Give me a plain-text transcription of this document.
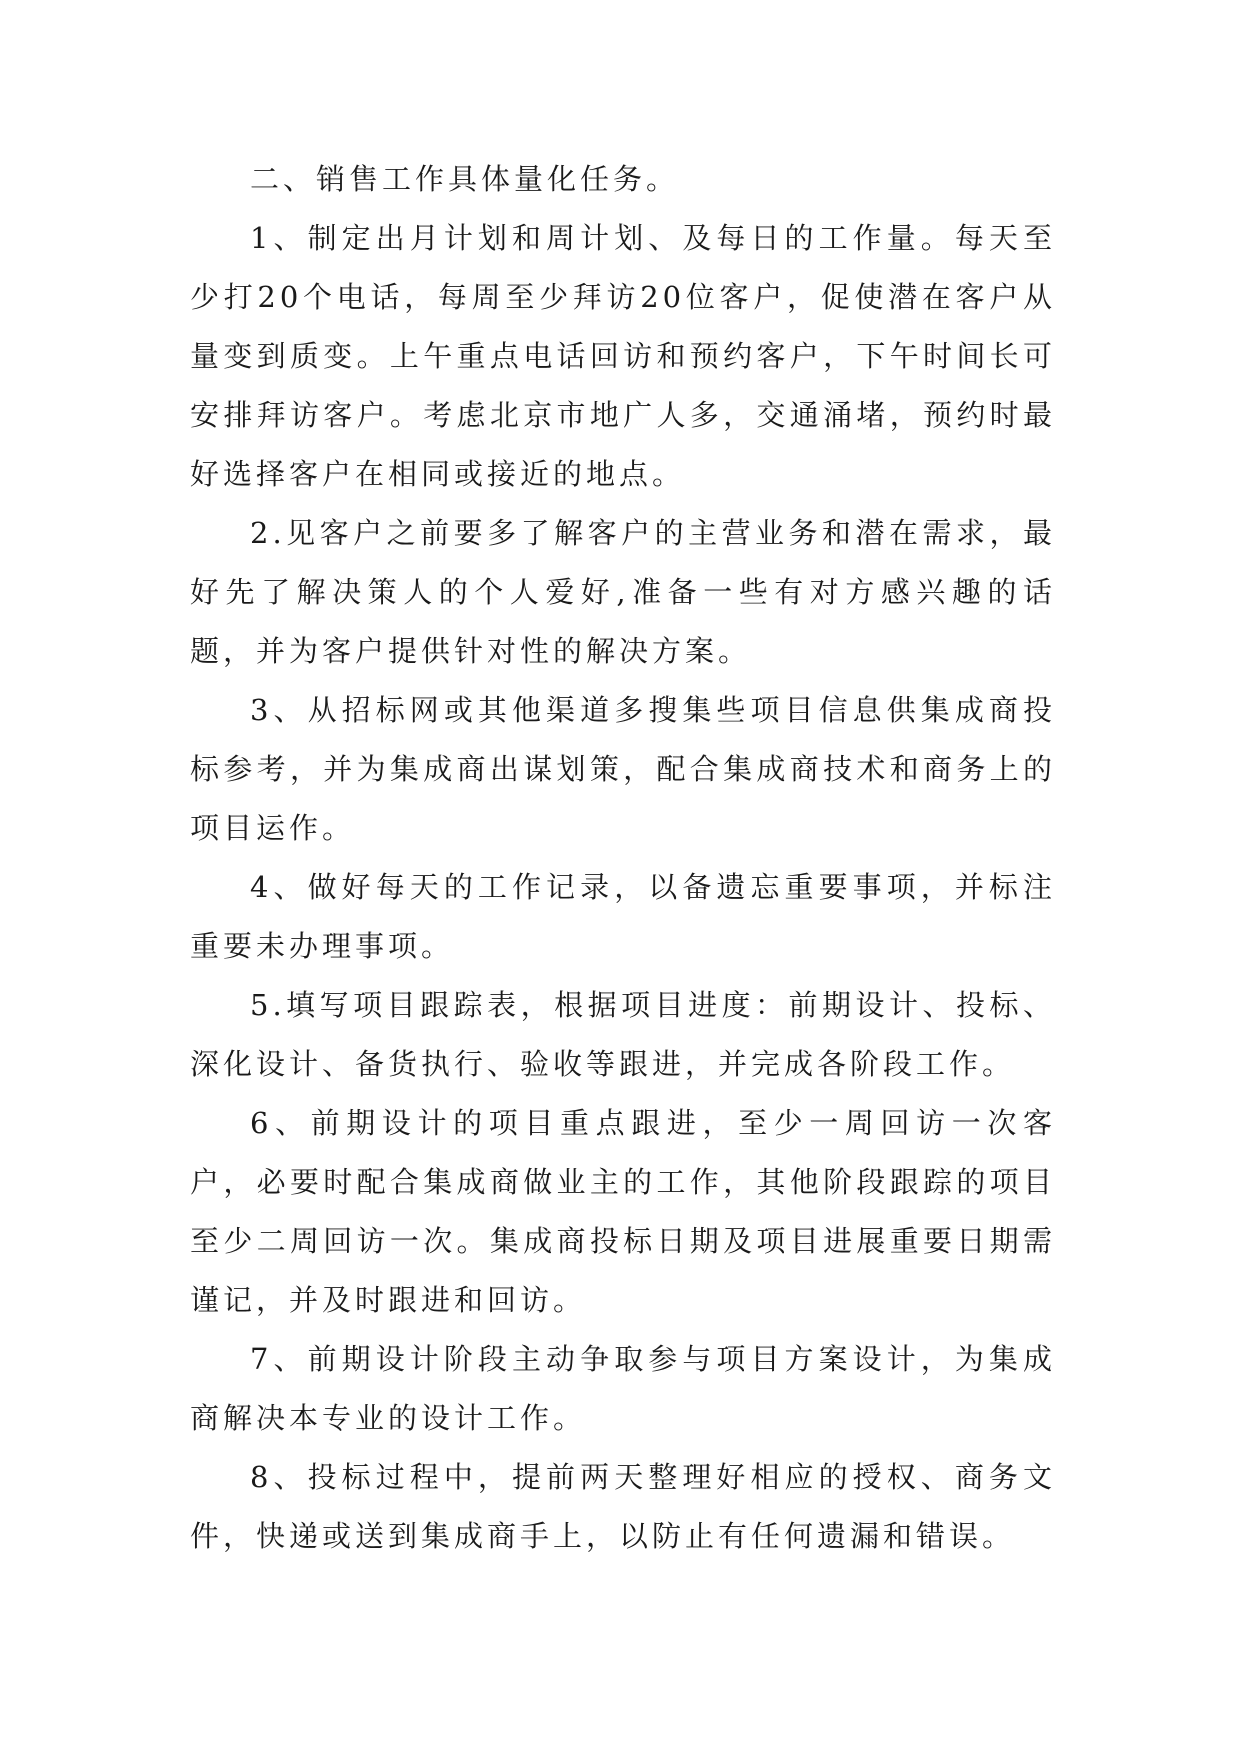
二、销售工作具体量化任务。

1、制定出月计划和周计划、及每日的工作量。每天至少打20个电话，每周至少拜访20位客户，促使潜在客户从量变到质变。上午重点电话回访和预约客户，下午时间长可安排拜访客户。考虑北京市地广人多，交通涌堵，预约时最好选择客户在相同或接近的地点。

2.见客户之前要多了解客户的主营业务和潜在需求，最好先了解决策人的个人爱好,准备一些有对方感兴趣的话题，并为客户提供针对性的解决方案。

3、从招标网或其他渠道多搜集些项目信息供集成商投标参考，并为集成商出谋划策，配合集成商技术和商务上的项目运作。

4、做好每天的工作记录，以备遗忘重要事项，并标注重要未办理事项。

5.填写项目跟踪表，根据项目进度：前期设计、投标、深化设计、备货执行、验收等跟进，并完成各阶段工作。

6、前期设计的项目重点跟进，至少一周回访一次客户，必要时配合集成商做业主的工作，其他阶段跟踪的项目至少二周回访一次。集成商投标日期及项目进展重要日期需谨记，并及时跟进和回访。

7、前期设计阶段主动争取参与项目方案设计，为集成商解决本专业的设计工作。

8、投标过程中，提前两天整理好相应的授权、商务文件，快递或送到集成商手上，以防止有任何遗漏和错误。
